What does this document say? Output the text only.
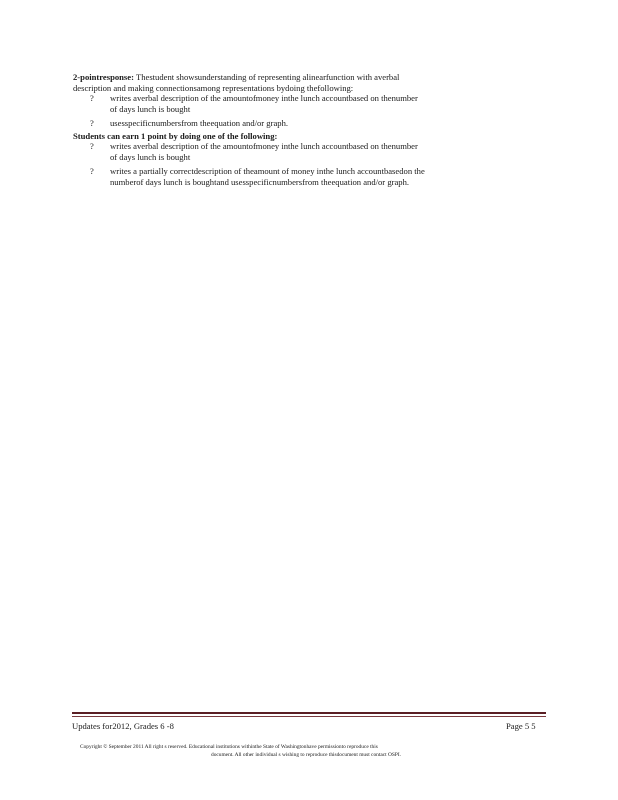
2-pointresponse: Thestudent showsunderstanding of representing alinearfunction with averbal
description and making connectionsamong representations bydoing thefollowing:
? writes averbal description of the amountofmoney inthe lunch accountbased on thenumber
of days lunch is bought
? usesspecificnumbersfrom theequation and/or graph.
Students can earn 1 point by doing one of the following:
? writes averbal description of the amountofmoney inthe lunch accountbased on thenumber
of days lunch is bought
? writes a partially correctdescription of theamount of money inthe lunch accountbasedon the
numberof days lunch is boughtand usesspecificnumbersfrom theequation and/or graph.
Updates for2012, Grades 6 -8	Page 5 5
Copyright © September 2011 All right s reserved. Educational institutions withinthe State of Washingtonhave permissionto reproduce this
document. All other individual s wishing to reproduce thisdocument must contact OSPI.
